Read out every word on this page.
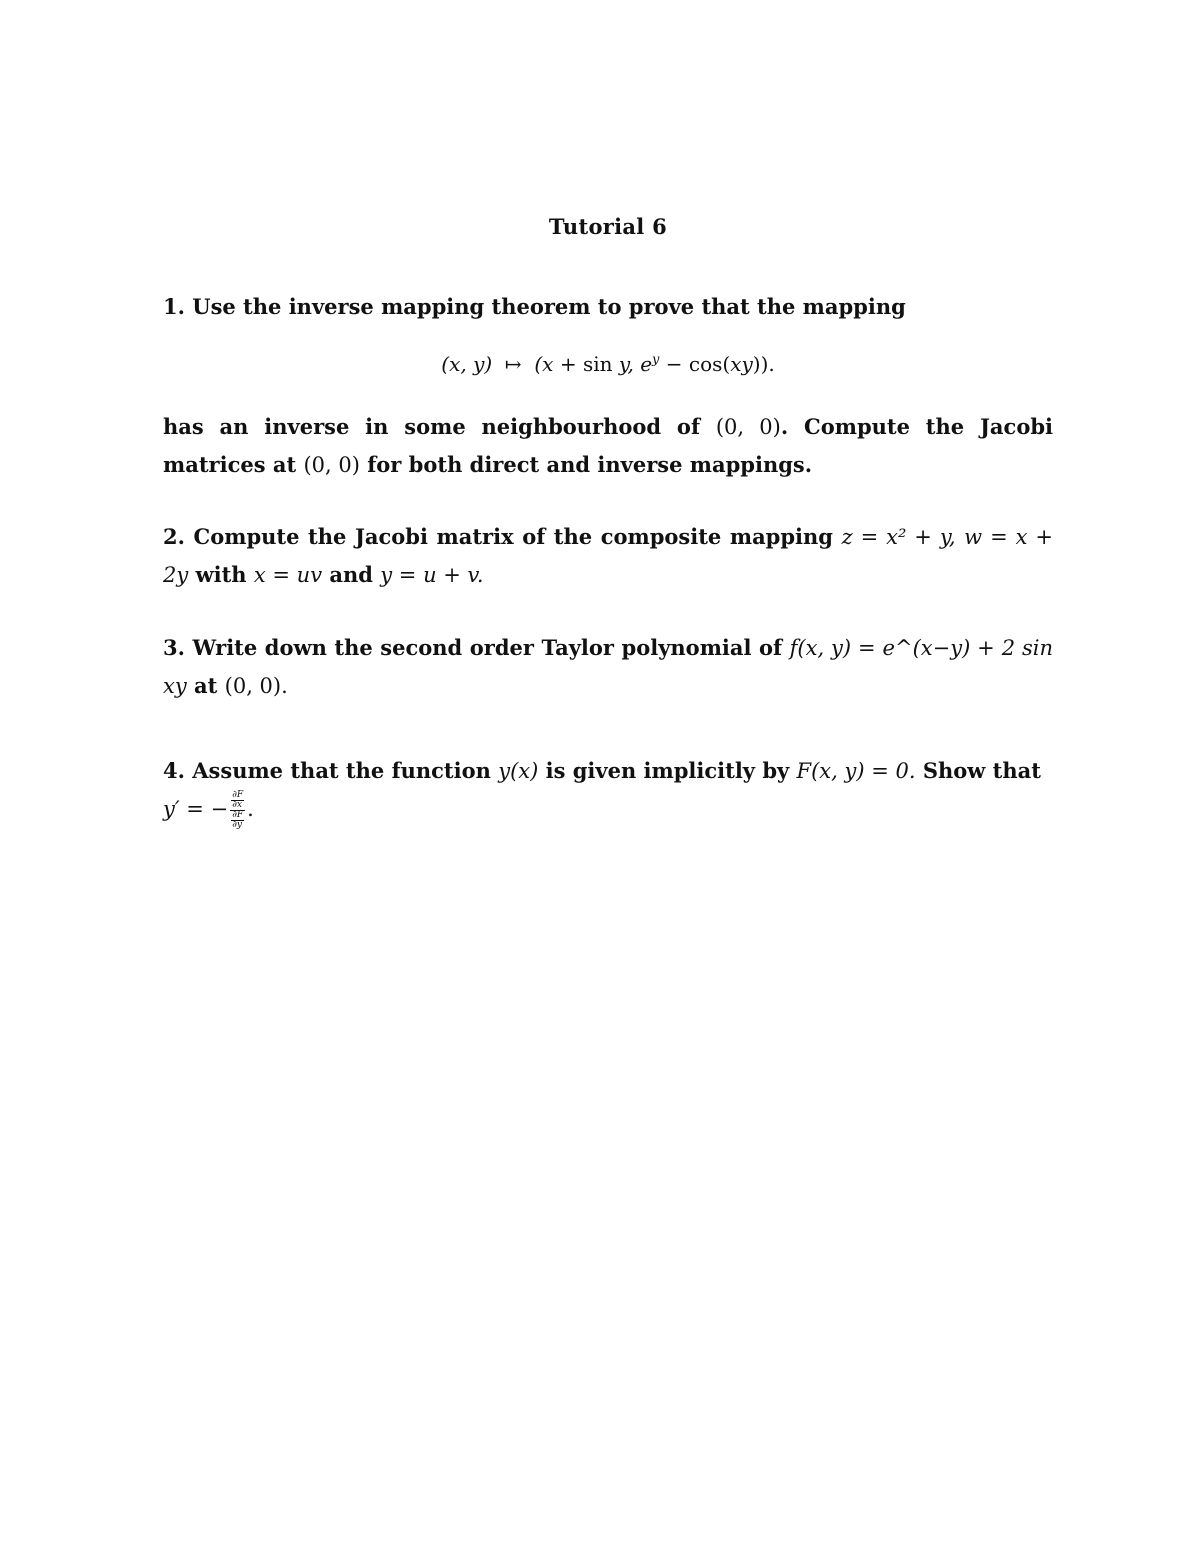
Tutorial 6
1. Use the inverse mapping theorem to prove that the mapping
(x, y)  ↦  (x + sin y, $e^y - \cos(xy)$).
has an inverse in some neighbourhood of (0, 0). Compute the Jacobi matrices at (0, 0) for both direct and inverse mappings.
2. Compute the Jacobi matrix of the composite mapping z = x² + y, w = x + 2y with x = uv and y = u + v.
3. Write down the second order Taylor polynomial of f(x, y) = e^(x−y) + 2 sin xy at (0, 0).
4. Assume that the function y(x) is given implicitly by F(x, y) = 0. Show that
y′ = − $\frac{\frac{\partial F}{\partial x}}{\frac{\partial F}{\partial y}}$ .
